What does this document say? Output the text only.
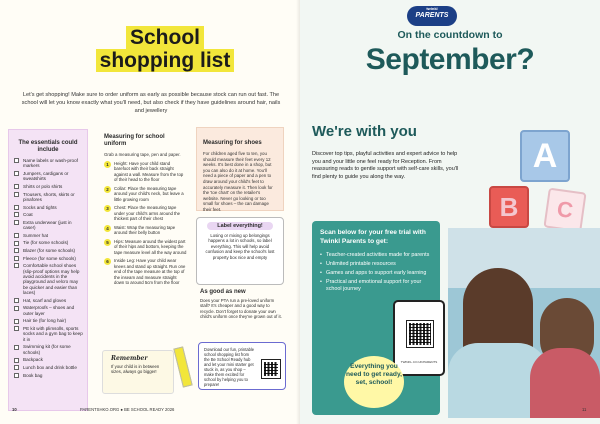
School
shopping list
Let's get shopping! Make sure to order uniform as early as possible because stock can run out fast. The school will let you know exactly what you'll need, but also check if they have guidelines around hair, nails and jewellery
The essentials could include
Name labels or wash-proof markers
Jumpers, cardigans or sweatshirts
Shirts or polo shirts
Trousers, shorts, skirts or pinafores
Socks and tights
Coat
Extra underwear (just in case!)
Summer hat
Tie (for some schools)
Blazer (for some schools)
Fleece (for some schools)
Comfortable school shoes (slip-proof options may help avoid accidents in the playground and velcro may be quicker and easier than laces)
Hat, scarf and gloves
Waterproofs – shoes and outer layer
Hair tie (for long hair)
PE kit with plimsolls, sports socks and a gym bag to keep it in
Swimming kit (for some schools)
Backpack
Lunch box and drink bottle
Book bag
Measuring for school uniform
Grab a measuring tape, pen and paper.
1	Height: Have your child stand barefoot with their back straight against a wall. Measure from the top of their head to the floor
2	Collar: Place the measuring tape around your child's neck, but leave a little growing room
3	Chest: Place the measuring tape under your child's arms around the thickest part of their chest
4	Waist: Wrap the measuring tape around their belly button
5	Hips: Measure around the widest part of their hips and bottom, keeping the tape measure level all the way around
6	Inside Leg: Have your child wear knees and stand up straight. Run one end of the tape measure at the top of the inseam and measure straight down to around 5cm from the floor
Remember
If your child is in between sizes, always go bigger!
Measuring for shoes
For children aged five to ten, you should measure their feet every 12 weeks. It's best done in a shop, but you can also do it at home. You'll need a piece of paper and a pen to draw around your child's feet to accurately measure it. Then look for the 'toe chart' on the retailer's website. Never go looking or too small for shoes – the can damage their feet.
Label everything!
Losing or mixing up belongings happens a lot in schools, so label everything. This will help avoid confusion and keep the school's lost property box nice and empty
As good as new
Does your PTA run a pre-loved uniform stall? It's cheaper and a good way to recycle. Don't forget to donate your own child's uniform once they've grown out of it.
Download our fun, printable school shopping list from the Be School Ready hub and let your mini starter get stuck in, as you shop – make them excited for school by helping you to prepare!
10	PARENTSHKO.ORG ● BE SCHOOL READY 2026
twinkl
PARENTS
On the countdown to
September?
We're with you
Discover top tips, playful activities and expert advice to help you and your little one feel ready for Reception. From reassuring reads to gentle support with self-care skills, you'll find plenty to guide you along the way.
A
B	C
Scan below for your free trial with Twinkl Parents to get:
• Teacher-created activities made for parents
• Unlimited printable resources
• Games and apps to support early learning
• Practical and emotional support for your school journey
TWINKL.CO.UK/PARENTS
Everything you need to get ready, set, school!
11
